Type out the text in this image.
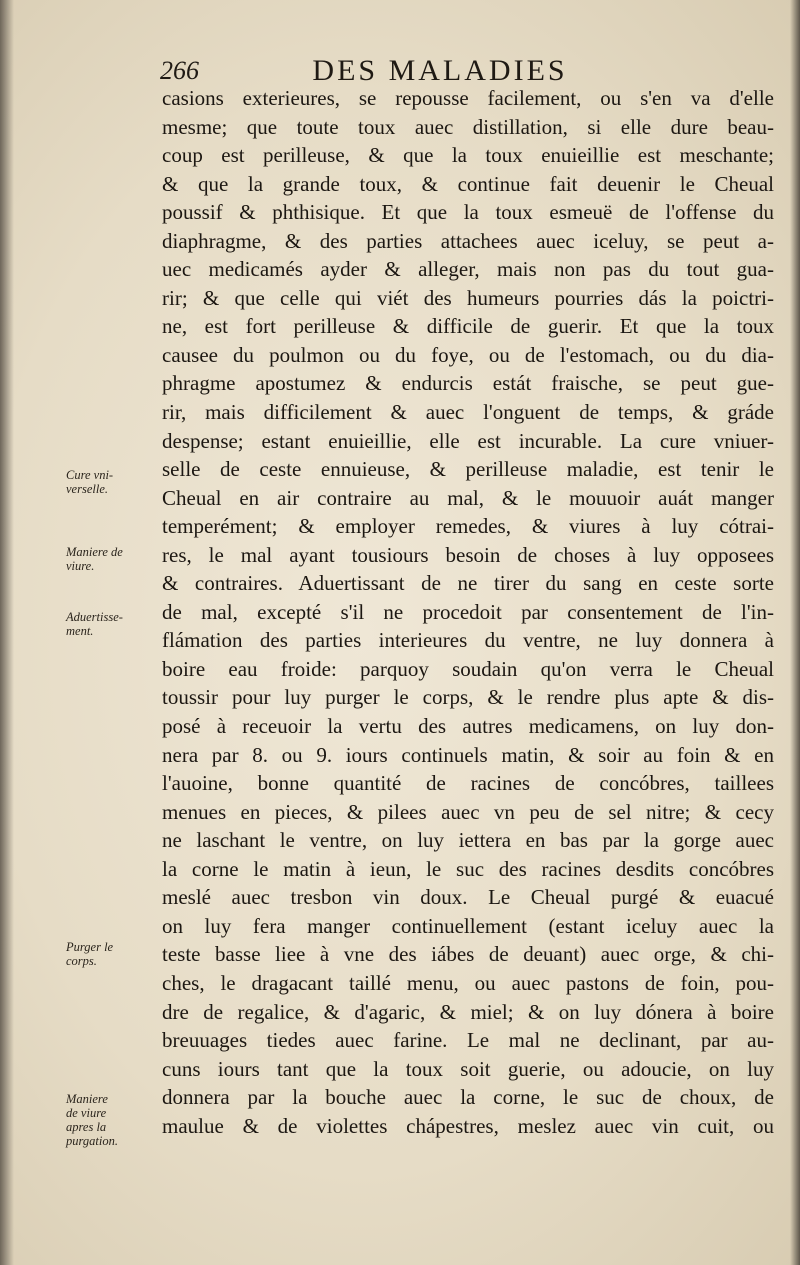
266	DES MALADIES
casions exterieures, se repousse facilement, ou s'en va d'elle
mesme; que toute toux auec distillation, si elle dure beau-
coup est perilleuse, & que la toux enuieillie est meschante;
& que la grande toux, & continue fait deuenir le Cheual
poussif & phthisique. Et que la toux esmeuë de l'offense du
diaphragme, & des parties attachees auec iceluy, se peut a-
uec medicamés ayder & alleger, mais non pas du tout gua-
rir; & que celle qui viét des humeurs pourries dás la poictri-
ne, est fort perilleuse & difficile de guerir. Et que la toux
causee du poulmon ou du foye, ou de l'estomach, ou du dia-
phragme apostumez & endurcis estát fraische, se peut gue-
rir, mais difficilement & auec l'onguent de temps, & gráde
despense; estant enuieillie, elle est incurable. La cure vniuer-
selle de ceste ennuieuse, & perilleuse maladie, est tenir le
Cheual en air contraire au mal, & le mouuoir auát manger
temperément; & employer remedes, & viures à luy cótrai-
res, le mal ayant tousiours besoin de choses à luy opposees
& contraires. Aduertissant de ne tirer du sang en ceste sorte
de mal, excepté s'il ne procedoit par consentement de l'in-
flámation des parties interieures du ventre, ne luy donnera à
boire eau froide: parquoy soudain qu'on verra le Cheual
toussir pour luy purger le corps, & le rendre plus apte & dis-
posé à receuoir la vertu des autres medicamens, on luy don-
nera par 8. ou 9. iours continuels matin, & soir au foin & en
l'auoine, bonne quantité de racines de concóbres, taillees
menues en pieces, & pilees auec vn peu de sel nitre; & cecy
ne laschant le ventre, on luy iettera en bas par la gorge auec
la corne le matin à ieun, le suc des racines desdits concóbres
meslé auec tresbon vin doux. Le Cheual purgé & euacué
on luy fera manger continuellement (estant iceluy auec la
teste basse liee à vne des iábes de deuant) auec orge, & chi-
ches, le dragacant taillé menu, ou auec pastons de foin, pou-
dre de regalice, & d'agaric, & miel; & on luy dónera à boire
breuuages tiedes auec farine. Le mal ne declinant, par au-
cuns iours tant que la toux soit guerie, ou adoucie, on luy
donnera par la bouche auec la corne, le suc de choux, de
maulue & de violettes chápestres, meslez auec vin cuit, ou
Cure vni-
verselle.
Maniere de
viure.
Aduertisse-
ment.
Purger le
corps.
Maniere
de viure
apres la
purgation.
